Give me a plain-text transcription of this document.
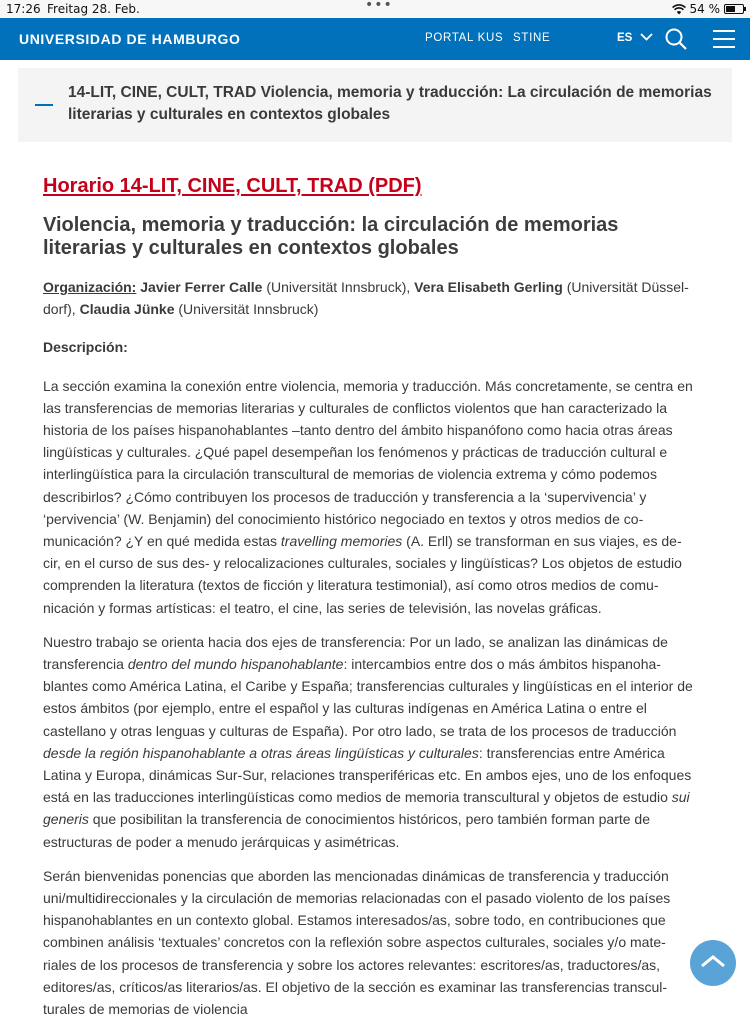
17:26 Freitag 28. Feb.	•••	54 %
UNIVERSIDAD DE HAMBURGO	PORTAL KUS STINE	ES
14-LIT, CINE, CULT, TRAD Violencia, memoria y traducción: La circulación de memorias literarias y culturales en contextos globales
Horario 14-LIT, CINE, CULT, TRAD (PDF)
Violencia, memoria y traducción: la circulación de memorias literarias y culturales en contextos globales

Organización: Javier Ferrer Calle (Universität Innsbruck), Vera Elisabeth Gerling (Universität Düsseldorf), Claudia Jünke (Universität Innsbruck)

Descripción:

La sección examina la conexión entre violencia, memoria y traducción. Más concretamente, se centra en las transferencias de memorias literarias y culturales de conflictos violentos que han caracterizado la historia de los países hispanohablantes –tanto dentro del ámbito hispanófono como hacia otras áreas lingüísticas y culturales. ¿Qué papel desempeñan los fenómenos y prácticas de traducción cultural e interlingüística para la circulación transcultural de memorias de violencia extrema y cómo podemos describirlos? ¿Cómo contribuyen los procesos de traducción y transferencia a la ‘supervivencia’ y ‘pervivencia’ (W. Benjamin) del conocimiento histórico negociado en textos y otros medios de comunicación? ¿Y en qué medida estas travelling memories (A. Erll) se transforman en sus viajes, es decir, en el curso de sus des- y relocalizaciones culturales, sociales y lingüísticas? Los objetos de estudio comprenden la literatura (textos de ficción y literatura testimonial), así como otros medios de comunicación y formas artísticas: el teatro, el cine, las series de televisión, las novelas gráficas.

Nuestro trabajo se orienta hacia dos ejes de transferencia: Por un lado, se analizan las dinámicas de transferencia dentro del mundo hispanohablante: intercambios entre dos o más ámbitos hispanohablantes como América Latina, el Caribe y España; transferencias culturales y lingüísticas en el interior de estos ámbitos (por ejemplo, entre el español y las culturas indígenas en América Latina o entre el castellano y otras lenguas y culturas de España). Por otro lado, se trata de los procesos de traducción desde la región hispanohablante a otras áreas lingüísticas y culturales: transferencias entre América Latina y Europa, dinámicas Sur-Sur, relaciones transperiféricas etc. En ambos ejes, uno de los enfoques está en las traducciones interlingüísticas como medios de memoria transcultural y objetos de estudio sui generis que posibilitan la transferencia de conocimientos históricos, pero también forman parte de estructuras de poder a menudo jerárquicas y asimétricas.

Serán bienvenidas ponencias que aborden las mencionadas dinámicas de transferencia y traducción uni/multidireccionales y la circulación de memorias relacionadas con el pasado violento de los países hispanohablantes en un contexto global. Estamos interesados/as, sobre todo, en contribuciones que combinen análisis ‘textuales’ concretos con la reflexión sobre aspectos culturales, sociales y/o materiales de los procesos de transferencia y sobre los actores relevantes: escritores/as, traductores/as, editores/as, críticos/as literarios/as. El objetivo de la sección es examinar las transferencias transculturales de memorias de violencia
